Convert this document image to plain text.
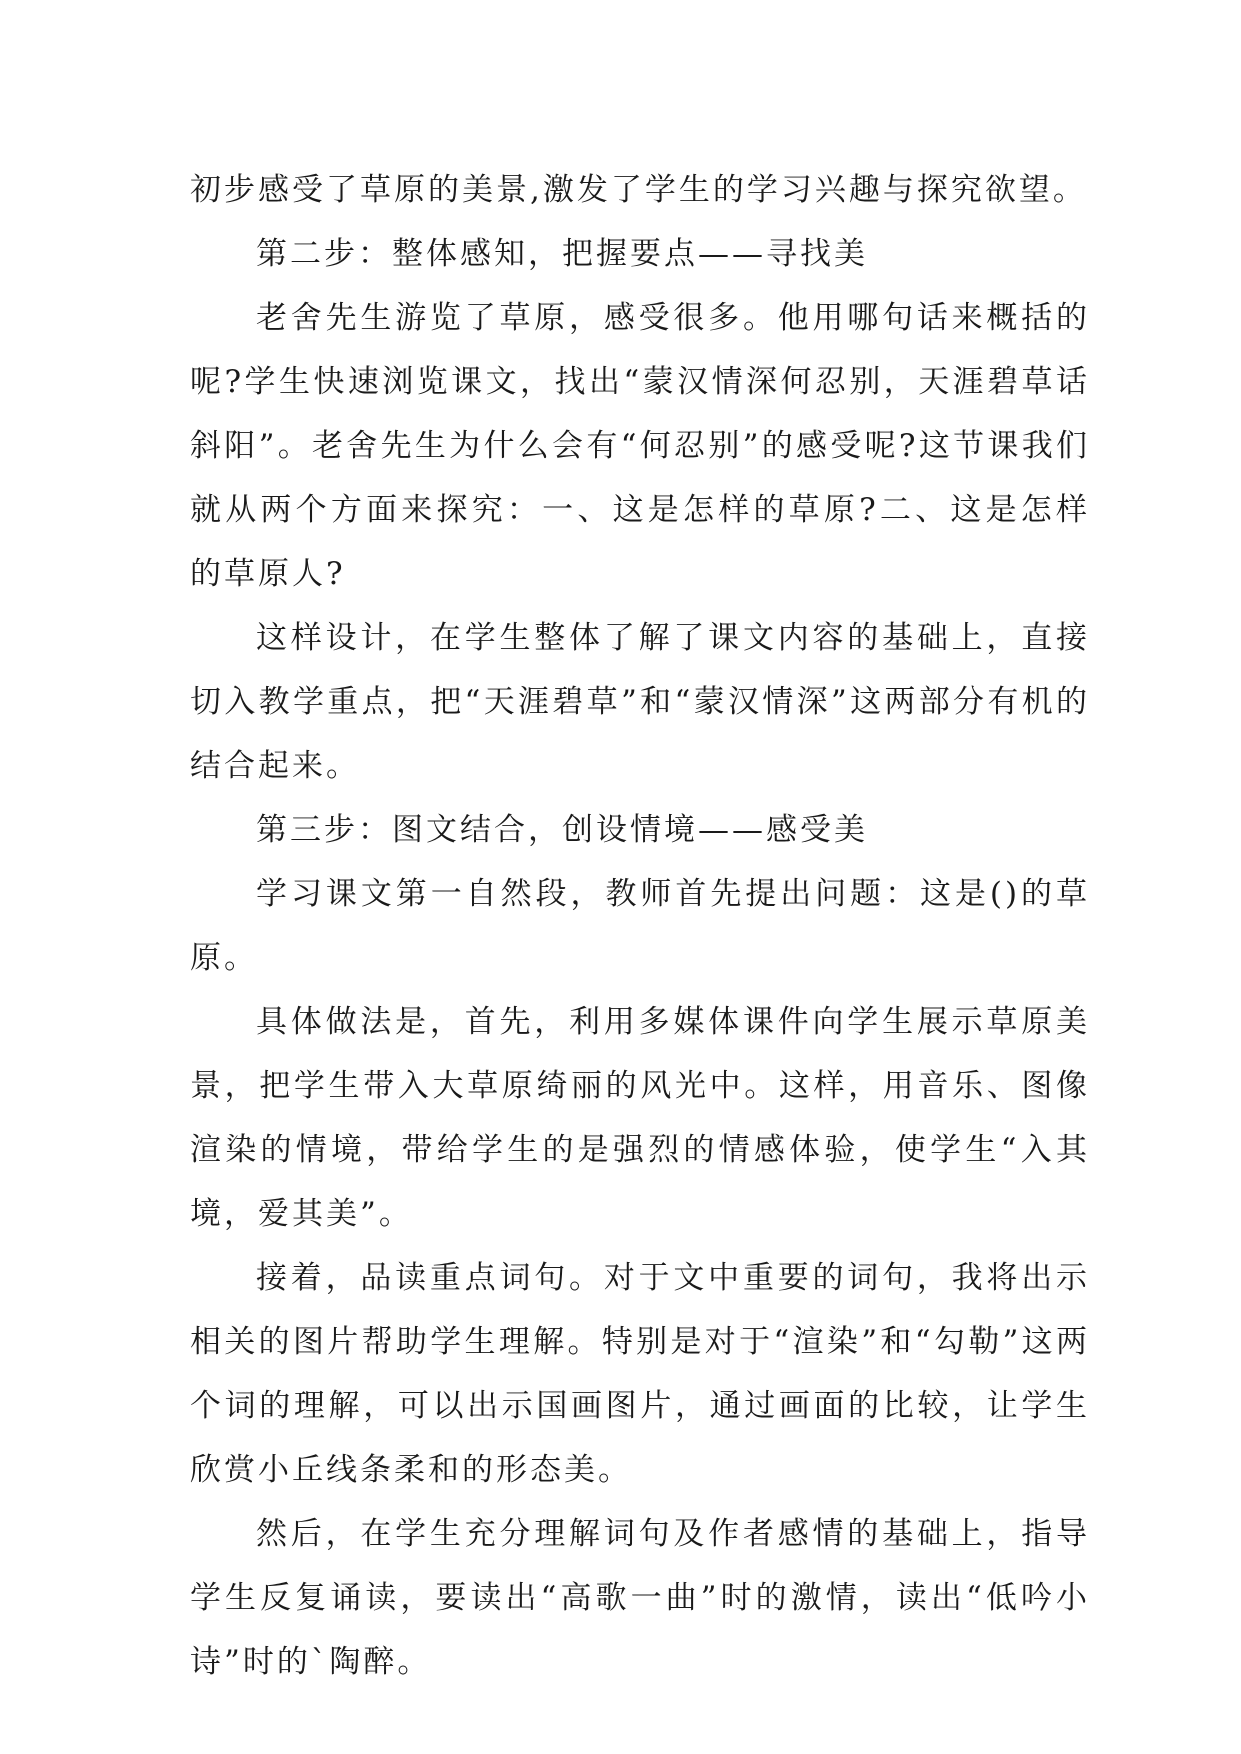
初步感受了草原的美景,激发了学生的学习兴趣与探究欲望。

第二步：整体感知，把握要点——寻找美

老舍先生游览了草原，感受很多。他用哪句话来概括的呢?学生快速浏览课文，找出“蒙汉情深何忍别，天涯碧草话斜阳”。老舍先生为什么会有“何忍别”的感受呢?这节课我们就从两个方面来探究：一、这是怎样的草原?二、这是怎样的草原人?

这样设计，在学生整体了解了课文内容的基础上，直接切入教学重点，把“天涯碧草”和“蒙汉情深”这两部分有机的结合起来。

第三步：图文结合，创设情境——感受美

学习课文第一自然段，教师首先提出问题：这是()的草原。

具体做法是，首先，利用多媒体课件向学生展示草原美景，把学生带入大草原绮丽的风光中。这样，用音乐、图像渲染的情境，带给学生的是强烈的情感体验，使学生“入其境，爱其美”。

接着，品读重点词句。对于文中重要的词句，我将出示相关的图片帮助学生理解。特别是对于“渲染”和“勾勒”这两个词的理解，可以出示国画图片，通过画面的比较，让学生欣赏小丘线条柔和的形态美。

然后，在学生充分理解词句及作者感情的基础上，指导学生反复诵读，要读出“高歌一曲”时的激情，读出“低吟小诗”时的`陶醉。
